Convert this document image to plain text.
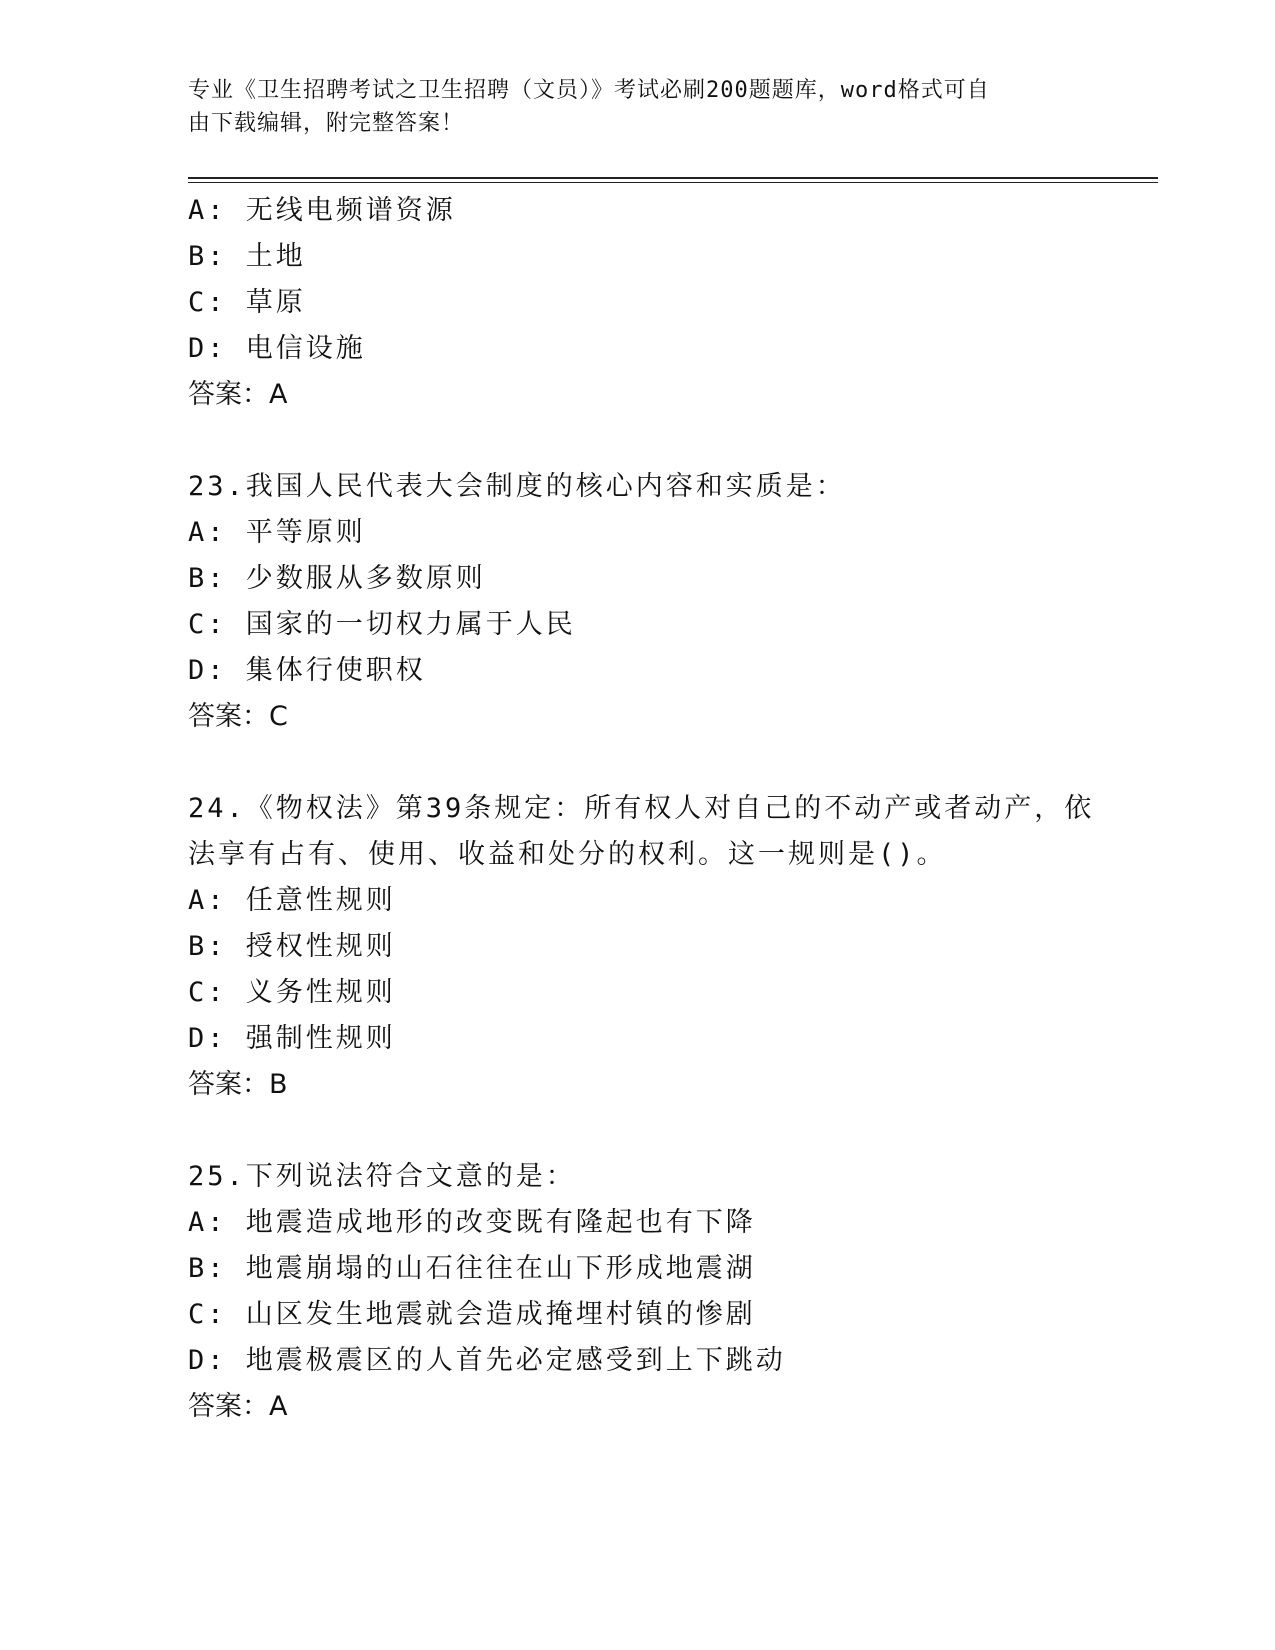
专业《卫生招聘考试之卫生招聘（文员）》考试必刷200题题库，word格式可自
由下载编辑，附完整答案！
A: 无线电频谱资源
B: 土地
C: 草原
D: 电信设施
答案：A
23.我国人民代表大会制度的核心内容和实质是：
A: 平等原则
B: 少数服从多数原则
C: 国家的一切权力属于人民
D: 集体行使职权
答案：C
24.《物权法》第39条规定：所有权人对自己的不动产或者动产，依
法享有占有、使用、收益和处分的权利。这一规则是()。
A: 任意性规则
B: 授权性规则
C: 义务性规则
D: 强制性规则
答案：B
25.下列说法符合文意的是：
A: 地震造成地形的改变既有隆起也有下降
B: 地震崩塌的山石往往在山下形成地震湖
C: 山区发生地震就会造成掩埋村镇的惨剧
D: 地震极震区的人首先必定感受到上下跳动
答案：A
